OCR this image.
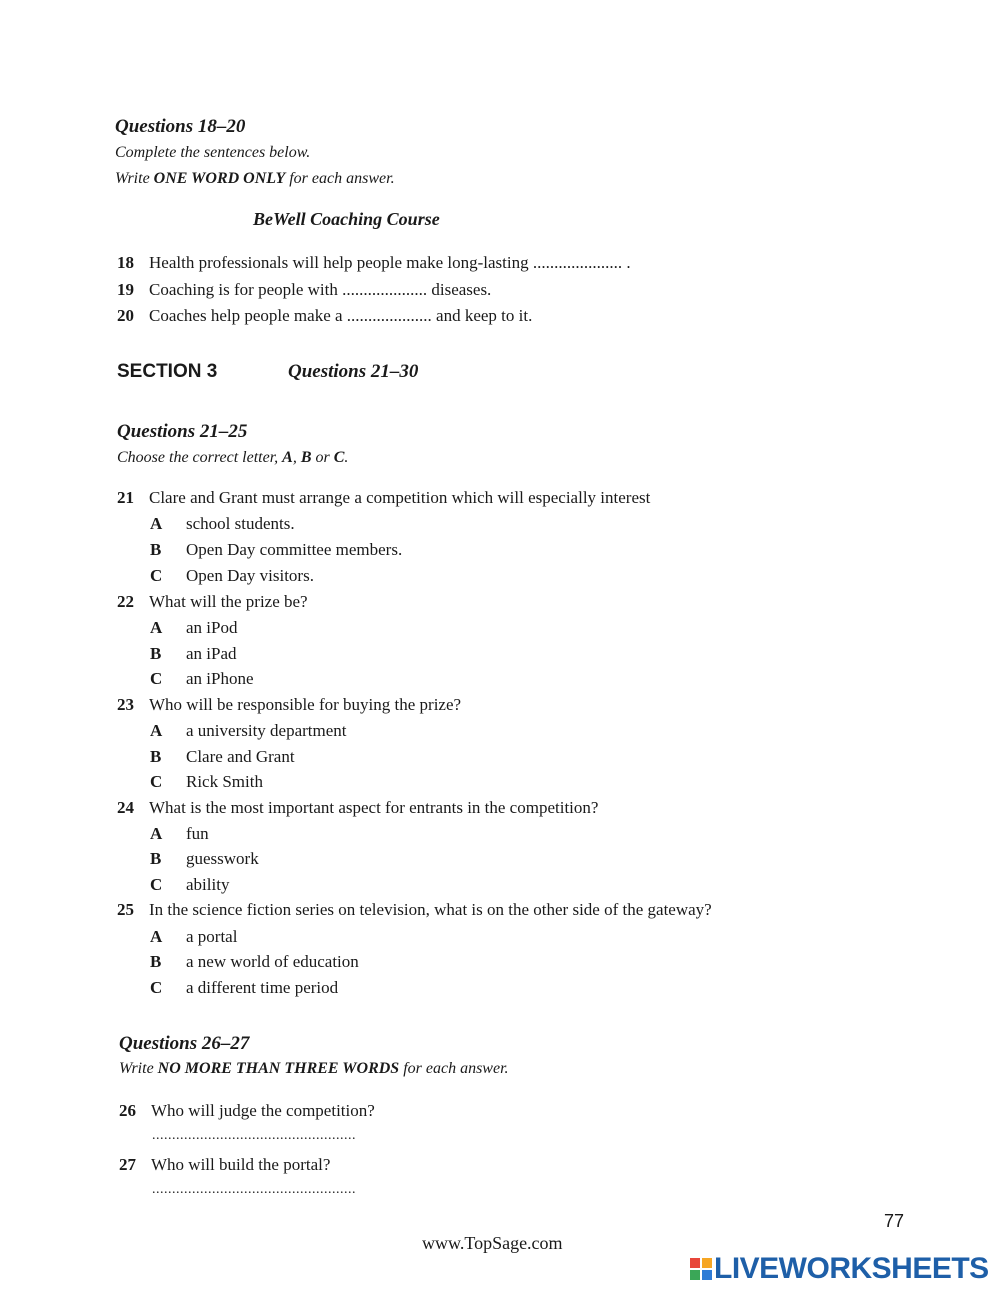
Questions 18–20
Complete the sentences below.
Write ONE WORD ONLY for each answer.
BeWell Coaching Course
18 Health professionals will help people make long-lasting ..................... .
19 Coaching is for people with .................... diseases.
20 Coaches help people make a .................... and keep to it.
SECTION 3	Questions 21–30
Questions 21–25
Choose the correct letter, A, B or C.
21 Clare and Grant must arrange a competition which will especially interest
A school students.
B Open Day committee members.
C Open Day visitors.
22 What will the prize be?
A an iPod
B an iPad
C an iPhone
23 Who will be responsible for buying the prize?
A a university department
B Clare and Grant
C Rick Smith
24 What is the most important aspect for entrants in the competition?
A fun
B guesswork
C ability
25 In the science fiction series on television, what is on the other side of the gateway?
A a portal
B a new world of education
C a different time period
Questions 26–27
Write NO MORE THAN THREE WORDS for each answer.
26 Who will judge the competition?
...................................................
27 Who will build the portal?
...................................................
77
www.TopSage.com
LIVEWORKSHEETS
